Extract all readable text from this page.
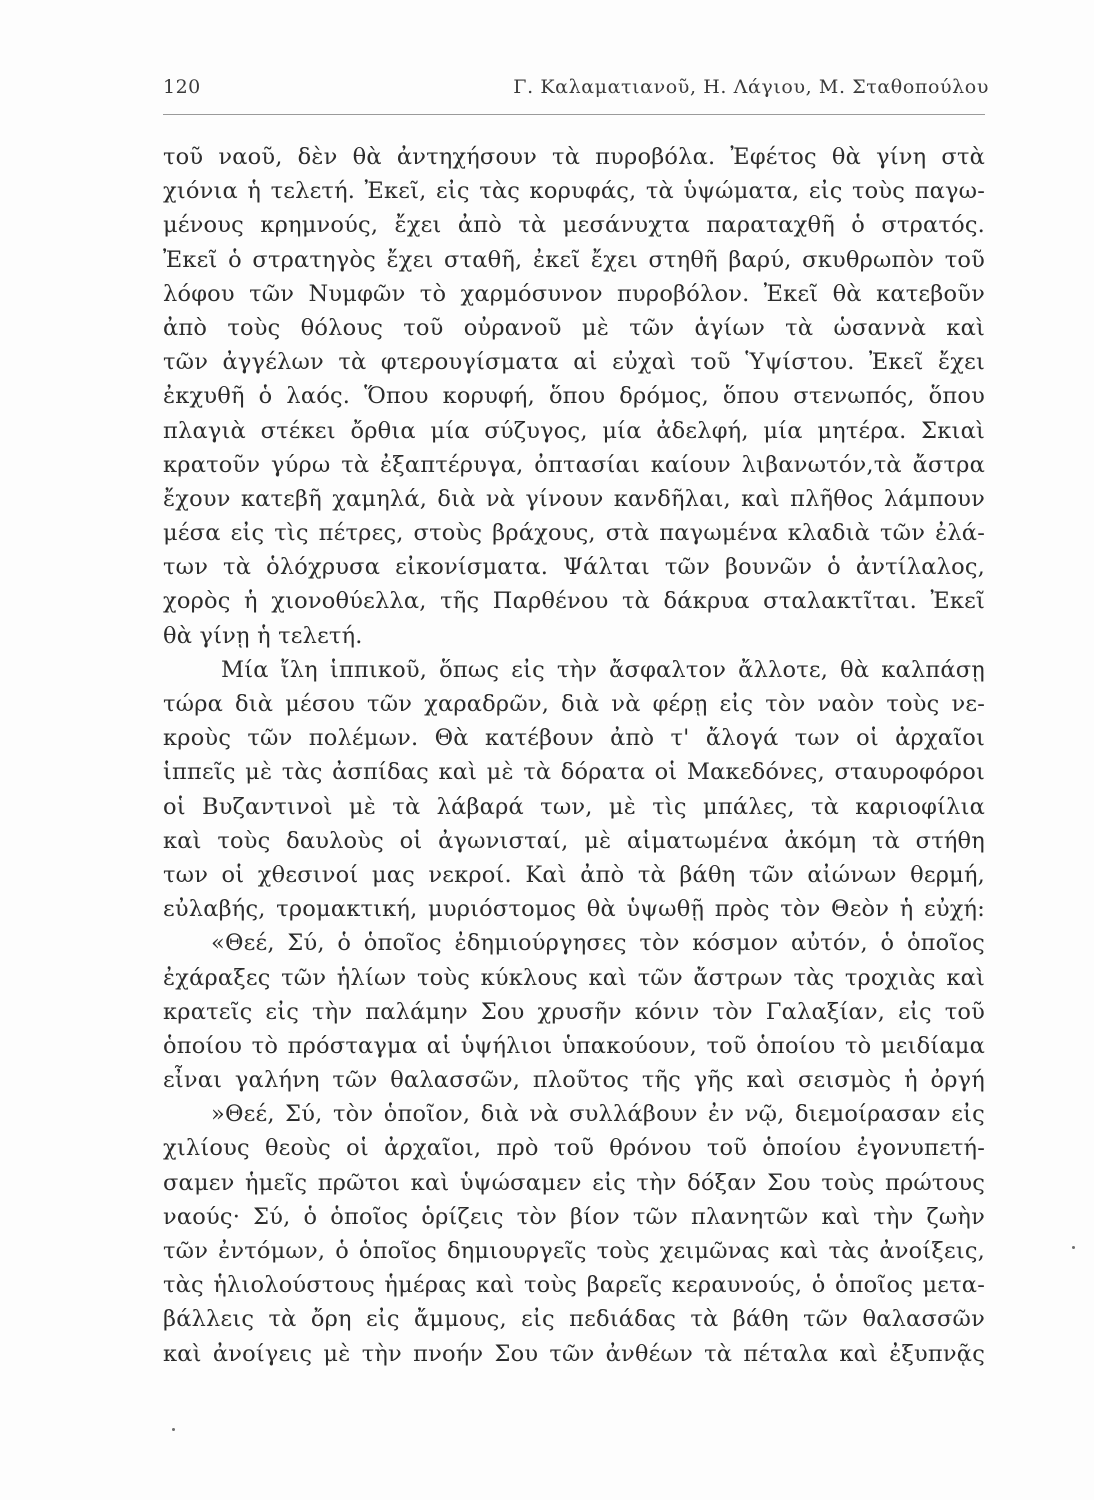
120	Γ. Καλαματιανοῦ, Η. Λάγιου, Μ. Σταθοπούλου
τοῦ ναοῦ, δὲν θὰ ἀντηχήσουν τὰ πυροβόλα. Ἐφέτος θὰ γίνη στὰ
χιόνια ἡ τελετή. Ἐκεῖ, εἰς τὰς κορυφάς, τὰ ὑψώματα, εἰς τοὺς παγω-
μένους κρημνούς, ἔχει ἀπὸ τὰ μεσάνυχτα παραταχθῆ ὁ στρατός.
Ἐκεῖ ὁ στρατηγὸς ἔχει σταθῆ, ἐκεῖ ἔχει στηθῆ βαρύ, σκυθρωπὸν τοῦ
λόφου τῶν Νυμφῶν τὸ χαρμόσυνον πυροβόλον. Ἐκεῖ θὰ κατεβοῦν
ἀπὸ τοὺς θόλους τοῦ οὐρανοῦ μὲ τῶν ἁγίων τὰ ὡσαννὰ καὶ
τῶν ἀγγέλων τὰ φτερουγίσματα αἱ εὐχαὶ τοῦ Ὑψίστου. Ἐκεῖ ἔχει
ἐκχυθῆ ὁ λαός. Ὅπου κορυφή, ὅπου δρόμος, ὅπου στενωπός, ὅπου
πλαγιὰ στέκει ὄρθια μία σύζυγος, μία ἀδελφή, μία μητέρα. Σκιαὶ
κρατοῦν γύρω τὰ ἐξαπτέρυγα, ὀπτασίαι καίουν λιβανωτόν,τὰ ἄστρα
ἔχουν κατεβῆ χαμηλά, διὰ νὰ γίνουν κανδῆλαι, καὶ πλῆθος λάμπουν
μέσα εἰς τὶς πέτρες, στοὺς βράχους, στὰ παγωμένα κλαδιὰ τῶν ἐλά-
των τὰ ὁλόχρυσα εἰκονίσματα. Ψάλται τῶν βουνῶν ὁ ἀντίλαλος,
χορὸς ἡ χιονοθύελλα, τῆς Παρθένου τὰ δάκρυα σταλακτῖται. Ἐκεῖ
θὰ γίνῃ ἡ τελετή.
Μία ἴλη ἱππικοῦ, ὅπως εἰς τὴν ἄσφαλτον ἄλλοτε, θὰ καλπάσῃ
τώρα διὰ μέσου τῶν χαραδρῶν, διὰ νὰ φέρῃ εἰς τὸν ναὸν τοὺς νε-
κροὺς τῶν πολέμων. Θὰ κατέβουν ἀπὸ τ' ἄλογά των οἱ ἀρχαῖοι
ἱππεῖς μὲ τὰς ἀσπίδας καὶ μὲ τὰ δόρατα οἱ Μακεδόνες, σταυροφόροι
οἱ Βυζαντινοὶ μὲ τὰ λάβαρά των, μὲ τὶς μπάλες, τὰ καριοφίλια
καὶ τοὺς δαυλοὺς οἱ ἀγωνισταί, μὲ αἱματωμένα ἀκόμη τὰ στήθη
των οἱ χθεσινοί μας νεκροί. Καὶ ἀπὸ τὰ βάθη τῶν αἰώνων θερμή,
εὐλαβής, τρομακτική, μυριόστομος θὰ ὑψωθῇ πρὸς τὸν Θεὸν ἡ εὐχή:
«Θεέ, Σύ, ὁ ὁποῖος ἐδημιούργησες τὸν κόσμον αὐτόν, ὁ ὁποῖος
ἐχάραξες τῶν ἡλίων τοὺς κύκλους καὶ τῶν ἄστρων τὰς τροχιὰς καὶ
κρατεῖς εἰς τὴν παλάμην Σου χρυσῆν κόνιν τὸν Γαλαξίαν, εἰς τοῦ
ὁποίου τὸ πρόσταγμα αἱ ὑψήλιοι ὑπακούουν, τοῦ ὁποίου τὸ μειδίαμα
εἶναι γαλήνη τῶν θαλασσῶν, πλοῦτος τῆς γῆς καὶ σεισμὸς ἡ ὀργή
»Θεέ, Σύ, τὸν ὁποῖον, διὰ νὰ συλλάβουν ἐν νῷ, διεμοίρασαν εἰς
χιλίους θεοὺς οἱ ἀρχαῖοι, πρὸ τοῦ θρόνου τοῦ ὁποίου ἐγονυπετή-
σαμεν ἡμεῖς πρῶτοι καὶ ὑψώσαμεν εἰς τὴν δόξαν Σου τοὺς πρώτους
ναούς· Σύ, ὁ ὁποῖος ὁρίζεις τὸν βίον τῶν πλανητῶν καὶ τὴν ζωὴν
τῶν ἐντόμων, ὁ ὁποῖος δημιουργεῖς τοὺς χειμῶνας καὶ τὰς ἀνοίξεις,
τὰς ἡλιολούστους ἡμέρας καὶ τοὺς βαρεῖς κεραυνούς, ὁ ὁποῖος μετα-
βάλλεις τὰ ὄρη εἰς ἄμμους, εἰς πεδιάδας τὰ βάθη τῶν θαλασσῶν
καὶ ἀνοίγεις μὲ τὴν πνοήν Σου τῶν ἀνθέων τὰ πέταλα καὶ ἐξυπνᾷς
